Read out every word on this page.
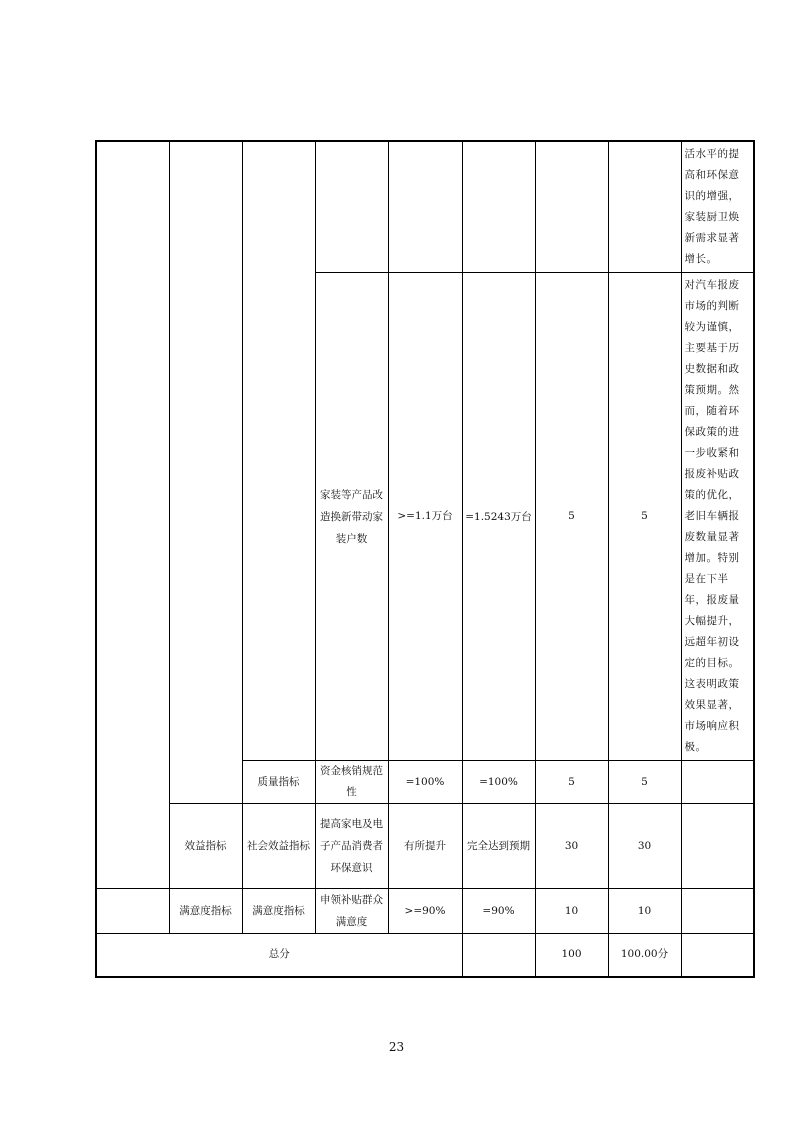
								活水平的提高和环保意识的增强，家装厨卫焕新需求显著增长。
			家装等产品改造换新带动家装户数	>=1.1万台	=1.5243万台	5	5	对汽车报废市场的判断较为谨慎，主要基于历史数据和政策预期。然而，随着环保政策的进一步收紧和报废补贴政策的优化，老旧车辆报废数量显著增加。特别是在下半年，报废量大幅提升，远超年初设定的目标。这表明政策效果显著，市场响应积极。
		质量指标	资金核销规范性	=100%	=100%	5	5	
	效益指标	社会效益指标	提高家电及电子产品消费者环保意识	有所提升	完全达到预期	30	30	
	满意度指标	满意度指标	申领补贴群众满意度	>=90%	=90%	10	10	
总分						100	100.00分	
23
